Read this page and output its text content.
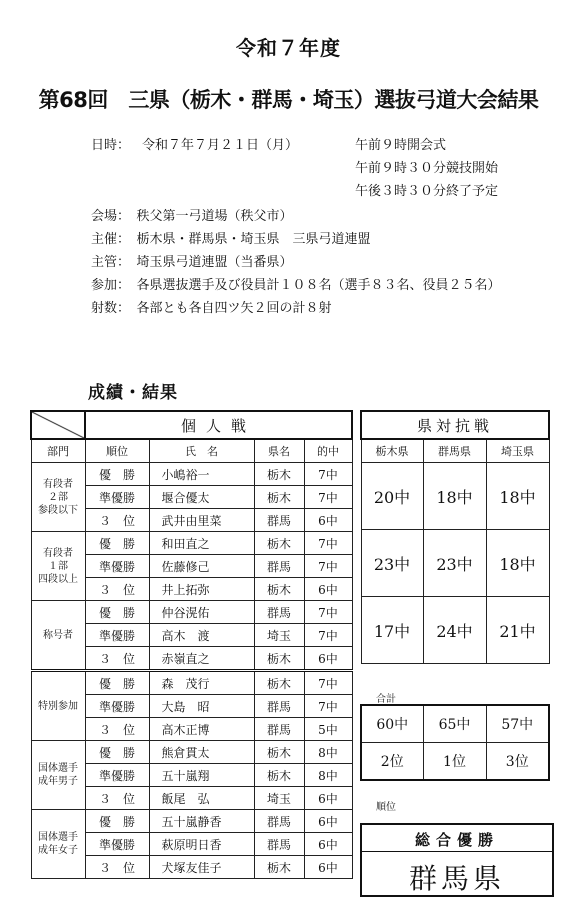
令和７年度
第68回　三県（栃木・群馬・埼玉）選抜弓道大会結果
日時： 令和７年７月２１日（月）	午前９時開会式
午前９時３０分競技開始
午後３時３０分終了予定
会場：　秩父第一弓道場（秩父市）
主催：　栃木県・群馬県・埼玉県　三県弓道連盟
主管：　埼玉県弓道連盟（当番県）
参加：　各県選抜選手及び役員計１０８名（選手８３名、役員２５名）
射数：　各部とも各自四ツ矢２回の計８射
成績・結果
	個人戦			
部門	順位	氏　名	県名	的中
有段者
２部
参段以下	優　勝	小嶋裕一	栃木	7中
	準優勝	堰合優太	栃木	7中
	３　位	武井由里菜	群馬	6中
有段者
１部
四段以上	優　勝	和田直之	栃木	7中
	準優勝	佐藤修己	群馬	7中
	３　位	井上拓弥	栃木	6中
称号者	優　勝	仲谷滉佑	群馬	7中
	準優勝	高木　渡	埼玉	7中
	３　位	赤嶺直之	栃木	6中
特別参加	優　勝	森　茂行	栃木	7中
	準優勝	大島　昭	群馬	7中
	３　位	高木正博	群馬	5中
国体選手
成年男子	優　勝	熊倉貫太	栃木	8中
	準優勝	五十嵐翔	栃木	8中
	３　位	飯尾　弘	埼玉	6中
国体選手
成年女子	優　勝	五十嵐静香	群馬	6中
	準優勝	萩原明日香	群馬	6中
	３　位	犬塚友佳子	栃木	6中
県対抗戦		
栃木県	群馬県	埼玉県
20中	18中	18中
23中	23中	18中
17中	24中	21中
合計
60中	65中	57中
2位	1位	3位
順位
総合優勝
群馬県
